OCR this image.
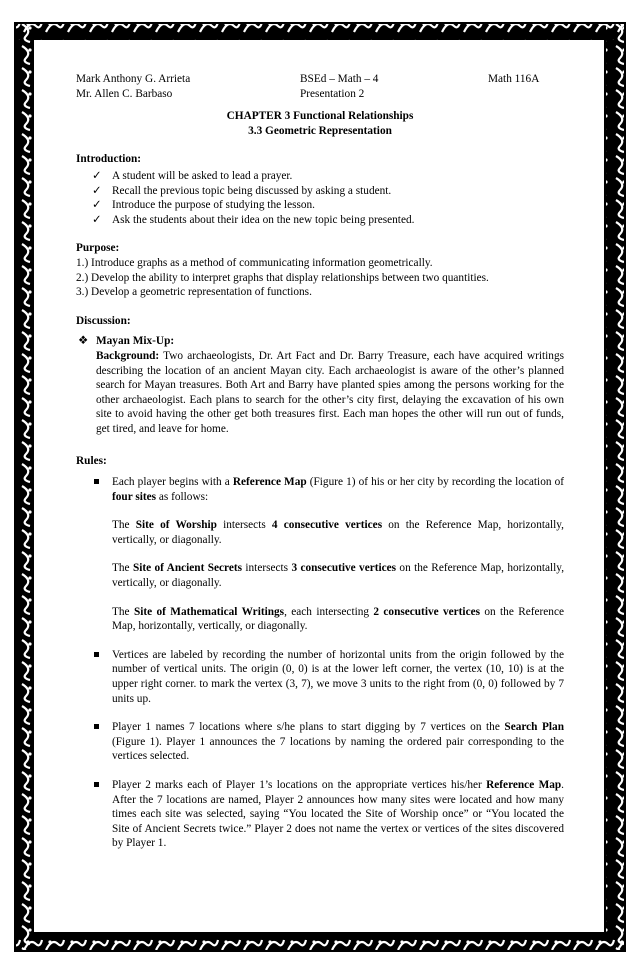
Mark Anthony G. Arrieta	BSEd – Math – 4	Math 116A
Mr. Allen C. Barbaso	Presentation 2
CHAPTER 3 Functional Relationships
3.3 Geometric Representation
Introduction:
✓ A student will be asked to lead a prayer.
✓ Recall the previous topic being discussed by asking a student.
✓ Introduce the purpose of studying the lesson.
✓ Ask the students about their idea on the new topic being presented.
Purpose:

1.) Introduce graphs as a method of communicating information geometrically.

2.) Develop the ability to interpret graphs that display relationships between two quantities.

3.) Develop a geometric representation of functions.

Discussion:
❖ Mayan Mix-Up:
Background: Two archaeologists, Dr. Art Fact and Dr. Barry Treasure, each have acquired writings describing the location of an ancient Mayan city. Each archaeologist is aware of the other’s planned search for Mayan treasures. Both Art and Barry have planted spies among the persons working for the other archaeologist. Each plans to search for the other’s city first, delaying the excavation of his own site to avoid having the other get both treasures first. Each man hopes the other will run out of funds, get tired, and leave for home.
Rules:
Each player begins with a Reference Map (Figure 1) of his or her city by recording the location of four sites as follows:
The Site of Worship intersects 4 consecutive vertices on the Reference Map, horizontally, vertically, or diagonally.
The Site of Ancient Secrets intersects 3 consecutive vertices on the Reference Map, horizontally, vertically, or diagonally.
The Site of Mathematical Writings, each intersecting 2 consecutive vertices on the Reference Map, horizontally, vertically, or diagonally.
Vertices are labeled by recording the number of horizontal units from the origin followed by the number of vertical units. The origin (0, 0) is at the lower left corner, the vertex (10, 10) is at the upper right corner. to mark the vertex (3, 7), we move 3 units to the right from (0, 0) followed by 7 units up.
Player 1 names 7 locations where s/he plans to start digging by 7 vertices on the Search Plan (Figure 1). Player 1 announces the 7 locations by naming the ordered pair corresponding to the vertices selected.
Player 2 marks each of Player 1’s locations on the appropriate vertices his/her Reference Map. After the 7 locations are named, Player 2 announces how many sites were located and how many times each site was selected, saying “You located the Site of Worship once” or “You located the Site of Ancient Secrets twice.” Player 2 does not name the vertex or vertices of the sites discovered by Player 1.
